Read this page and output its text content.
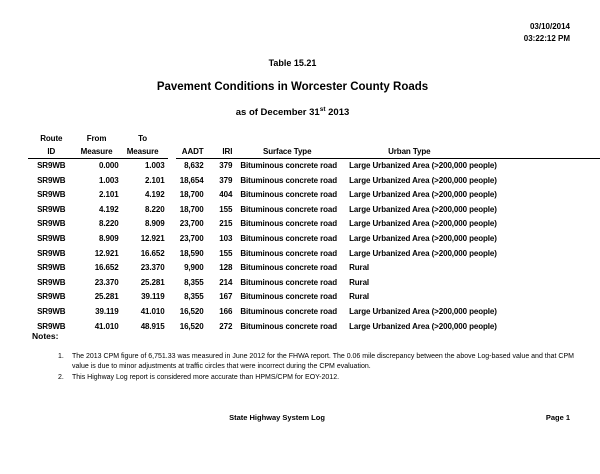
03/10/2014
03:22:12 PM
Table 15.21
Pavement Conditions in Worcester County Roads
as of December 31st 2013
Route	From	To					
ID	Measure	Measure		AADT	IRI	Surface Type	Urban Type
SR9WB	0.000	1.003		8,632	379	Bituminous concrete road	Large Urbanized Area (>200,000 people)
SR9WB	1.003	2.101		18,654	379	Bituminous concrete road	Large Urbanized Area (>200,000 people)
SR9WB	2.101	4.192		18,700	404	Bituminous concrete road	Large Urbanized Area (>200,000 people)
SR9WB	4.192	8.220		18,700	155	Bituminous concrete road	Large Urbanized Area (>200,000 people)
SR9WB	8.220	8.909		23,700	215	Bituminous concrete road	Large Urbanized Area (>200,000 people)
SR9WB	8.909	12.921		23,700	103	Bituminous concrete road	Large Urbanized Area (>200,000 people)
SR9WB	12.921	16.652		18,590	155	Bituminous concrete road	Large Urbanized Area (>200,000 people)
SR9WB	16.652	23.370		9,900	128	Bituminous concrete road	Rural
SR9WB	23.370	25.281		8,355	214	Bituminous concrete road	Rural
SR9WB	25.281	39.119		8,355	167	Bituminous concrete road	Rural
SR9WB	39.119	41.010		16,520	166	Bituminous concrete road	Large Urbanized Area (>200,000 people)
SR9WB	41.010	48.915		16,520	272	Bituminous concrete road	Large Urbanized Area (>200,000 people)
Notes:
1.	The 2013 CPM figure of 6,751.33 was measured in June 2012 for the FHWA report. The 0.06 mile discrepancy between the above Log-based value and that CPM value is due to minor adjustments at traffic circles that were incorrect during the CPM evaluation.
2.	This Highway Log report is considered more accurate than HPMS/CPM for EOY-2012.
State Highway System Log	Page 1
